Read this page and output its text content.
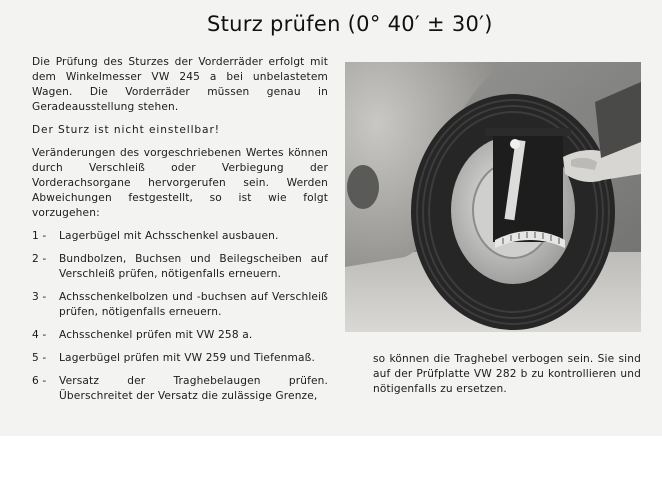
Sturz prüfen (0° 40′ ± 30′)

Die Prüfung des Sturzes der Vorderräder erfolgt mit dem Winkelmesser VW 245 a bei unbelastetem Wagen. Die Vorderräder müssen genau in Geradeausstellung stehen.

Der Sturz ist nicht einstellbar!

Veränderungen des vorgeschriebenen Wertes können durch Verschleiß oder Verbiegung der Vorderachsorgane hervorgerufen sein. Werden Abweichungen festgestellt, so ist wie folgt vorzugehen:

1 -	Lagerbügel mit Achsschenkel ausbauen.
2 -	Bundbolzen, Buchsen und Beilegscheiben auf Verschleiß prüfen, nötigenfalls erneuern.
3 -	Achsschenkelbolzen und -buchsen auf Verschleiß prüfen, nötigenfalls erneuern.
4 -	Achsschenkel prüfen mit VW 258 a.
5 -	Lagerbügel prüfen mit VW 259 und Tiefenmaß.
6 -	Versatz der Traghebelaugen prüfen. Überschreitet der Versatz die zulässige Grenze,
so können die Traghebel verbogen sein. Sie sind auf der Prüfplatte VW 282 b zu kontrollieren und nötigenfalls zu ersetzen.
